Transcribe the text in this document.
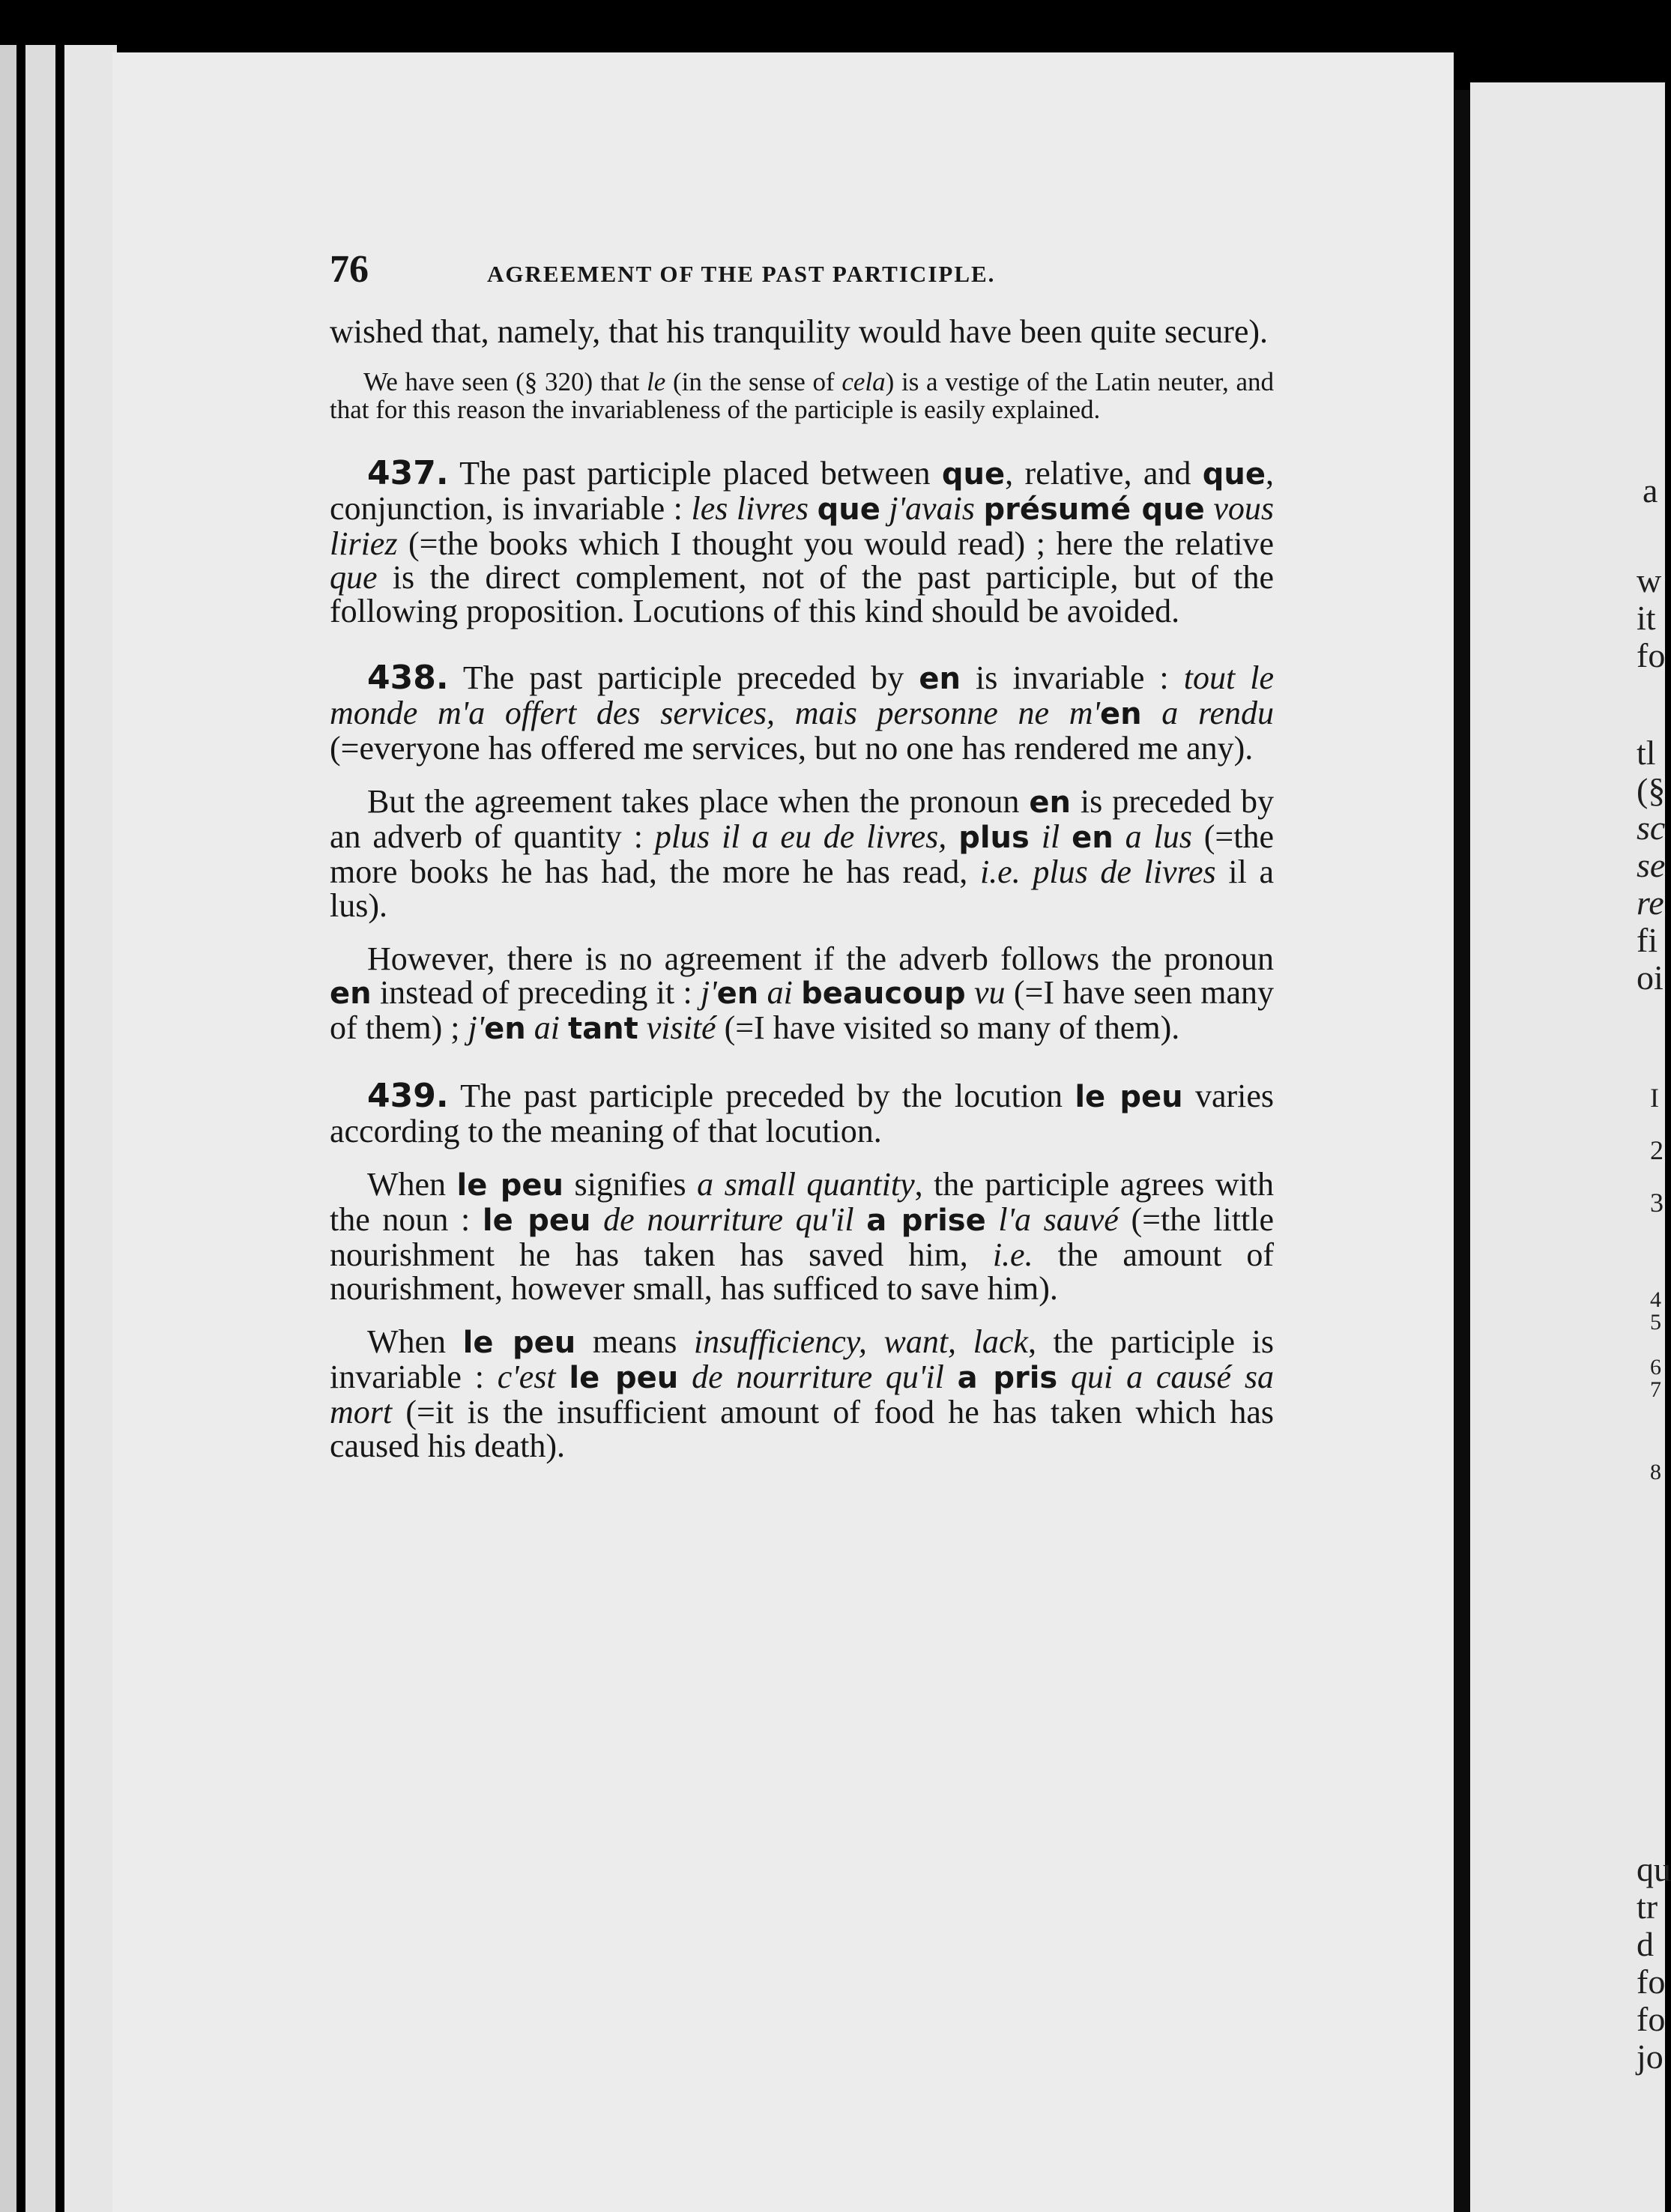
a
w
it
fo
tl
(§
sc
se
re
fi
oi
I
2
3
4
5
6
7
8
qu
tr
d
fo
fo
jo
76	AGREEMENT OF THE PAST PARTICIPLE.

wished that, namely, that his tranquility would have been quite secure).

We have seen (§ 320) that le (in the sense of cela) is a vestige of the Latin neuter, and that for this reason the invariableness of the participle is easily explained.

437. The past participle placed between que, relative, and que, conjunction, is invariable : les livres que j'avais présumé que vous liriez (=the books which I thought you would read) ; here the relative que is the direct complement, not of the past participle, but of the following proposition. Locutions of this kind should be avoided.

438. The past participle preceded by en is invariable : tout le monde m'a offert des services, mais personne ne m'en a rendu (=everyone has offered me services, but no one has rendered me any).

But the agreement takes place when the pronoun en is preceded by an adverb of quantity : plus il a eu de livres, plus il en a lus (=the more books he has had, the more he has read, i.e. plus de livres il a lus).

However, there is no agreement if the adverb follows the pronoun en instead of preceding it : j'en ai beaucoup vu (=I have seen many of them) ; j'en ai tant visité (=I have visited so many of them).

439. The past participle preceded by the locution le peu varies according to the meaning of that locution.

When le peu signifies a small quantity, the participle agrees with the noun : le peu de nourriture qu'il a prise l'a sauvé (=the little nourishment he has taken has saved him, i.e. the amount of nourishment, however small, has sufficed to save him).

When le peu means insufficiency, want, lack, the participle is invariable : c'est le peu de nourriture qu'il a pris qui a causé sa mort (=it is the insufficient amount of food he has taken which has caused his death).
